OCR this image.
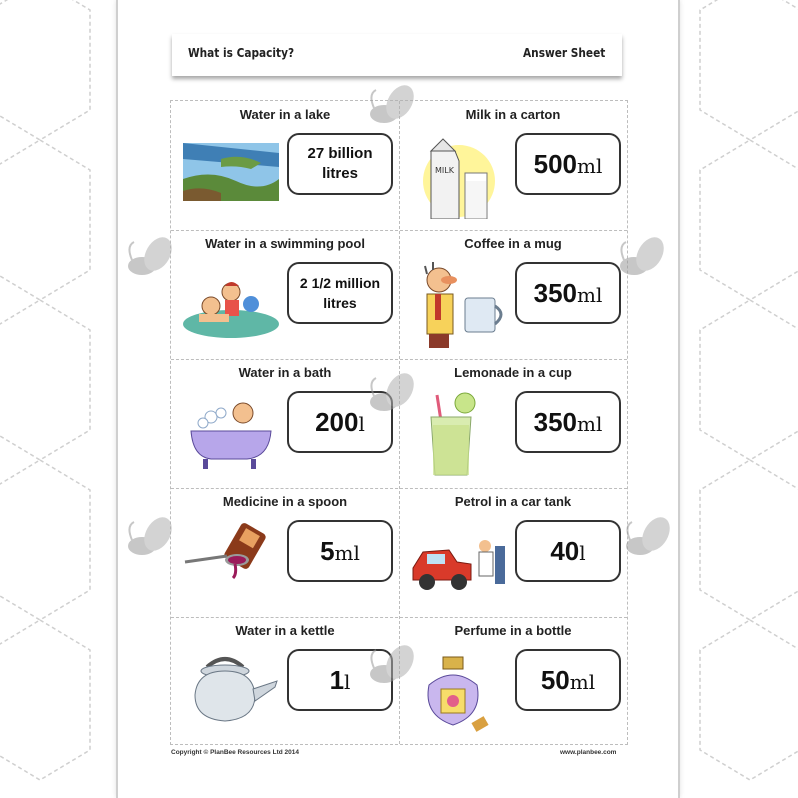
What is Capacity?	Answer Sheet
Water in a lake
27 billion
litres
Milk in a carton
MILK	500ml
Water in a swimming pool
2 1/2 million
litres
Coffee in a mug
350ml
Water in a bath
200l
Lemonade in a cup
350ml
Medicine in a spoon
5ml
Petrol in a car tank
40l
Water in a kettle
1l
Perfume in a bottle
50ml
Copyright © PlanBee Resources Ltd 2014	www.planbee.com
